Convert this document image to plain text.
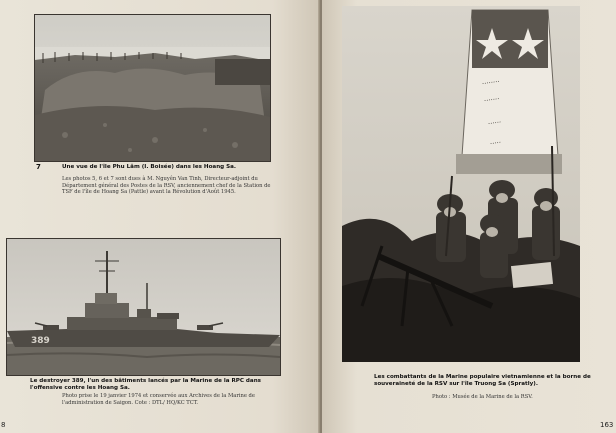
7	Une vue de l'île Phu Lâm (I. Boisée) dans les Hoang Sa.
Les photos 5, 6 et 7 sont dues à M. Nguyên Van Tinh, Directeur-adjoint du Département général des Postes de la RSV, anciennement chef de la Station de TSF de l'île de Hoang Sa (Pattle) avant la Révolution d'Août 1945.
389
Le destroyer 389, l'un des bâtiments lancés par la Marine de la RPC dans l'offensive contre les Hoang Sa.
Photo prise le 19 janvier 1974 et conservée aux Archives de la Marine de l'administration de Saigon. Cote : DTL/ HQ/KC TCT.
8
........
.......
......
.....
Les combattants de la Marine populaire vietnamienne et la borne de souveraineté de la RSV sur l'île Truong Sa (Spratly).
Photo : Musée de la Marine de la RSV.
163
